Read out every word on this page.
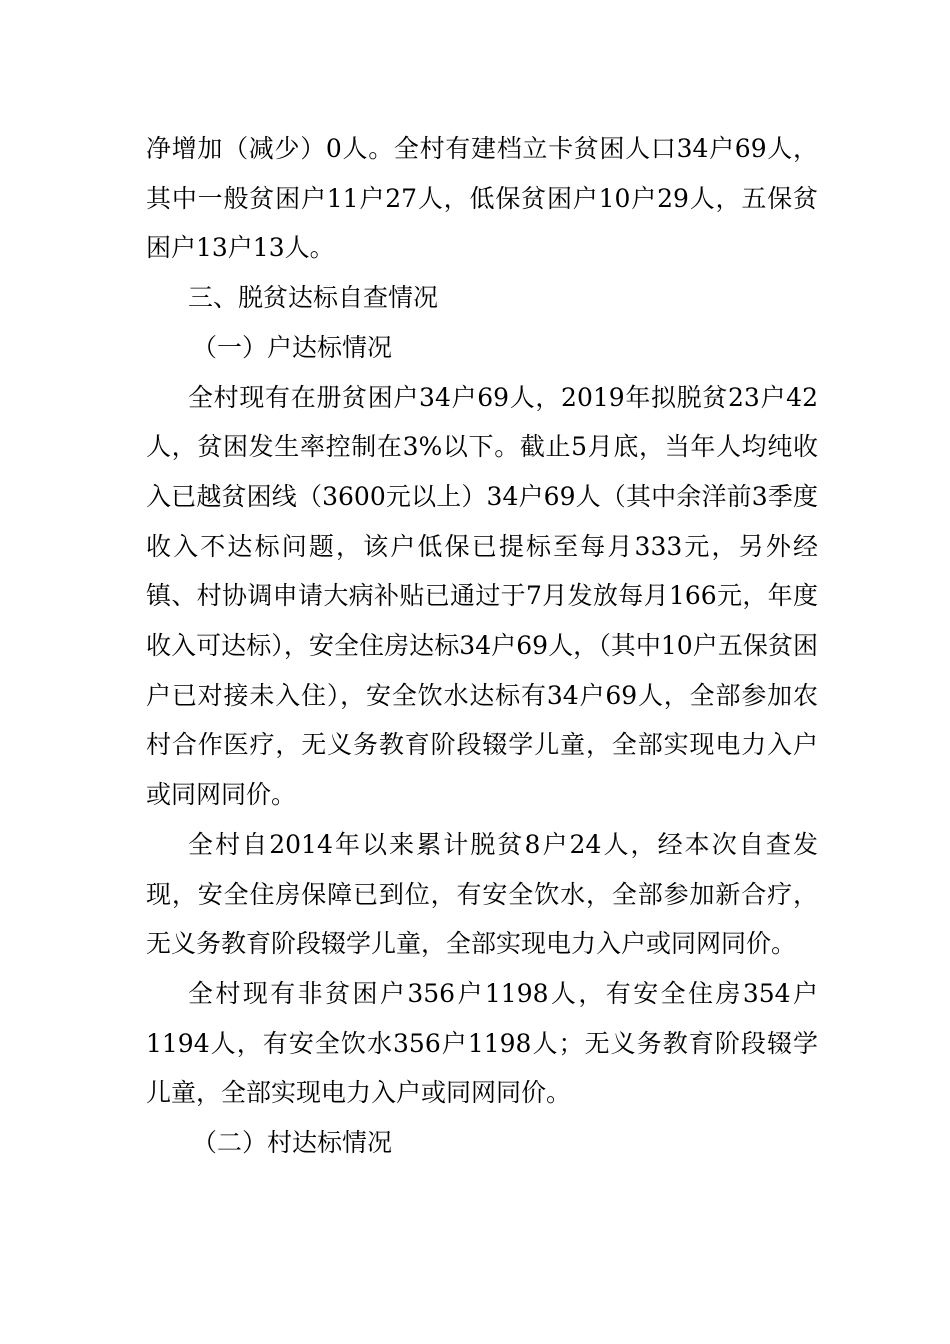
净增加（减少）0人。全村有建档立卡贫困人口34户69人，其中一般贫困户11户27人，低保贫困户10户29人，五保贫困户13户13人。

三、脱贫达标自查情况

（一）户达标情况

全村现有在册贫困户34户69人，2019年拟脱贫23户42人，贫困发生率控制在3%以下。截止5月底，当年人均纯收入已越贫困线（3600元以上）34户69人（其中余洋前3季度收入不达标问题，该户低保已提标至每月333元，另外经镇、村协调申请大病补贴已通过于7月发放每月166元，年度收入可达标），安全住房达标34户69人，（其中10户五保贫困户已对接未入住），安全饮水达标有34户69人，全部参加农村合作医疗，无义务教育阶段辍学儿童，全部实现电力入户或同网同价。

全村自2014年以来累计脱贫8户24人，经本次自查发现，安全住房保障已到位，有安全饮水，全部参加新合疗，无义务教育阶段辍学儿童，全部实现电力入户或同网同价。

全村现有非贫困户356户1198人，有安全住房354户1194人，有安全饮水356户1198人；无义务教育阶段辍学儿童，全部实现电力入户或同网同价。

（二）村达标情况
